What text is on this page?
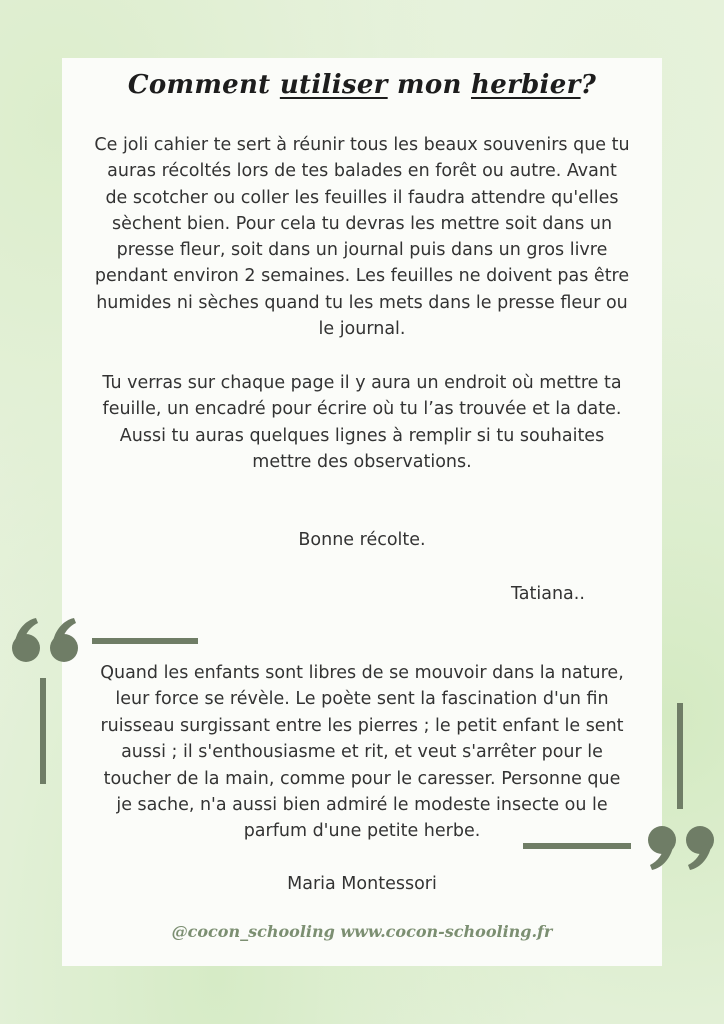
Comment utiliser mon herbier?

Ce joli cahier te sert à réunir tous les beaux souvenirs que tu
auras récoltés lors de tes balades en forêt ou autre. Avant
de scotcher ou coller les feuilles il faudra attendre qu'elles
sèchent bien. Pour cela tu devras les mettre soit dans un
presse fleur, soit dans un journal puis dans un gros livre
pendant environ 2 semaines. Les feuilles ne doivent pas être
humides ni sèches quand tu les mets dans le presse fleur ou
le journal.

Tu verras sur chaque page il y aura un endroit où mettre ta
feuille, un encadré pour écrire où tu l’as trouvée et la date.
Aussi tu auras quelques lignes à remplir si tu souhaites
mettre des observations.

Bonne récolte.
Tatiana..

Quand les enfants sont libres de se mouvoir dans la nature,
leur force se révèle. Le poète sent la fascination d'un fin
ruisseau surgissant entre les pierres ; le petit enfant le sent
aussi ; il s'enthousiasme et rit, et veut s'arrêter pour le
toucher de la main, comme pour le caresser. Personne que
je sache, n'a aussi bien admiré le modeste insecte ou le
parfum d'une petite herbe.

Maria Montessori
@cocon_schooling www.cocon-schooling.fr
